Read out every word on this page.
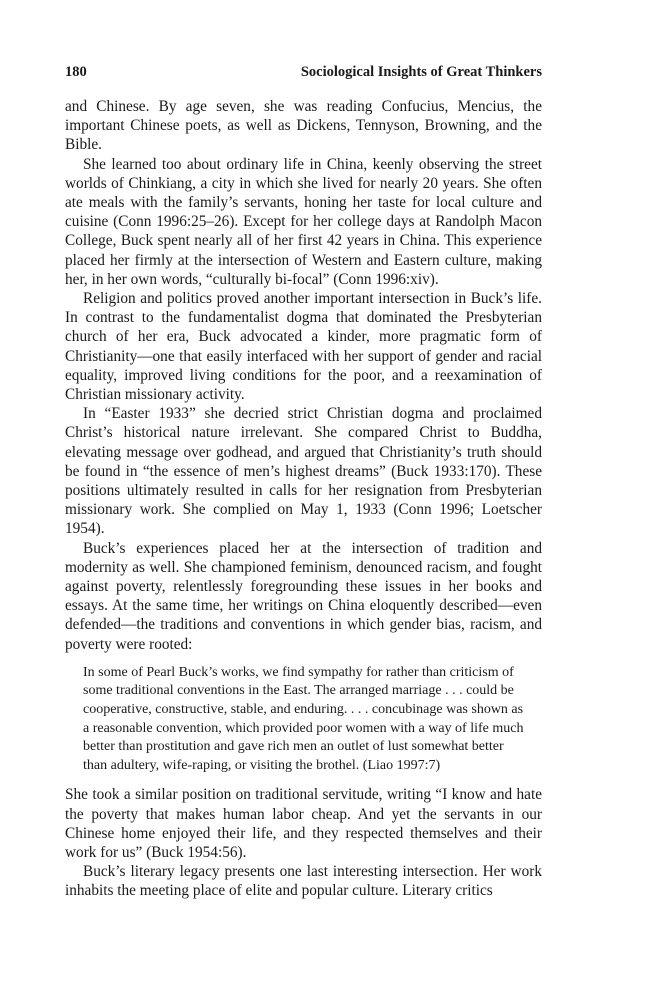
180	Sociological Insights of Great Thinkers

and Chinese. By age seven, she was reading Confucius, Mencius, the important Chinese poets, as well as Dickens, Tennyson, Browning, and the Bible.

She learned too about ordinary life in China, keenly observing the street worlds of Chinkiang, a city in which she lived for nearly 20 years. She often ate meals with the family’s servants, honing her taste for local culture and cuisine (Conn 1996:25–26). Except for her college days at Randolph Macon College, Buck spent nearly all of her first 42 years in China. This experience placed her firmly at the intersection of Western and Eastern culture, making her, in her own words, “culturally bi-focal” (Conn 1996:xiv).

Religion and politics proved another important intersection in Buck’s life. In contrast to the fundamentalist dogma that dominated the Presbyterian church of her era, Buck advocated a kinder, more pragmatic form of Christianity—one that easily interfaced with her support of gender and racial equality, improved living conditions for the poor, and a reexamination of Christian missionary activity.

In “Easter 1933” she decried strict Christian dogma and proclaimed Christ’s historical nature irrelevant. She compared Christ to Buddha, elevating message over godhead, and argued that Christianity’s truth should be found in “the essence of men’s highest dreams” (Buck 1933:170). These positions ultimately resulted in calls for her resignation from Presbyterian missionary work. She complied on May 1, 1933 (Conn 1996; Loetscher 1954).

Buck’s experiences placed her at the intersection of tradition and modernity as well. She championed feminism, denounced racism, and fought against poverty, relentlessly foregrounding these issues in her books and essays. At the same time, her writings on China eloquently described—even defended—the traditions and conventions in which gender bias, racism, and poverty were rooted:

In some of Pearl Buck’s works, we find sympathy for rather than criticism of some traditional conventions in the East. The arranged marriage . . . could be cooperative, constructive, stable, and enduring. . . . concubinage was shown as a reasonable convention, which provided poor women with a way of life much better than prostitution and gave rich men an outlet of lust somewhat better than adultery, wife-raping, or visiting the brothel. (Liao 1997:7)

She took a similar position on traditional servitude, writing “I know and hate the poverty that makes human labor cheap. And yet the servants in our Chinese home enjoyed their life, and they respected themselves and their work for us” (Buck 1954:56).

Buck’s literary legacy presents one last interesting intersection. Her work inhabits the meeting place of elite and popular culture. Literary critics
